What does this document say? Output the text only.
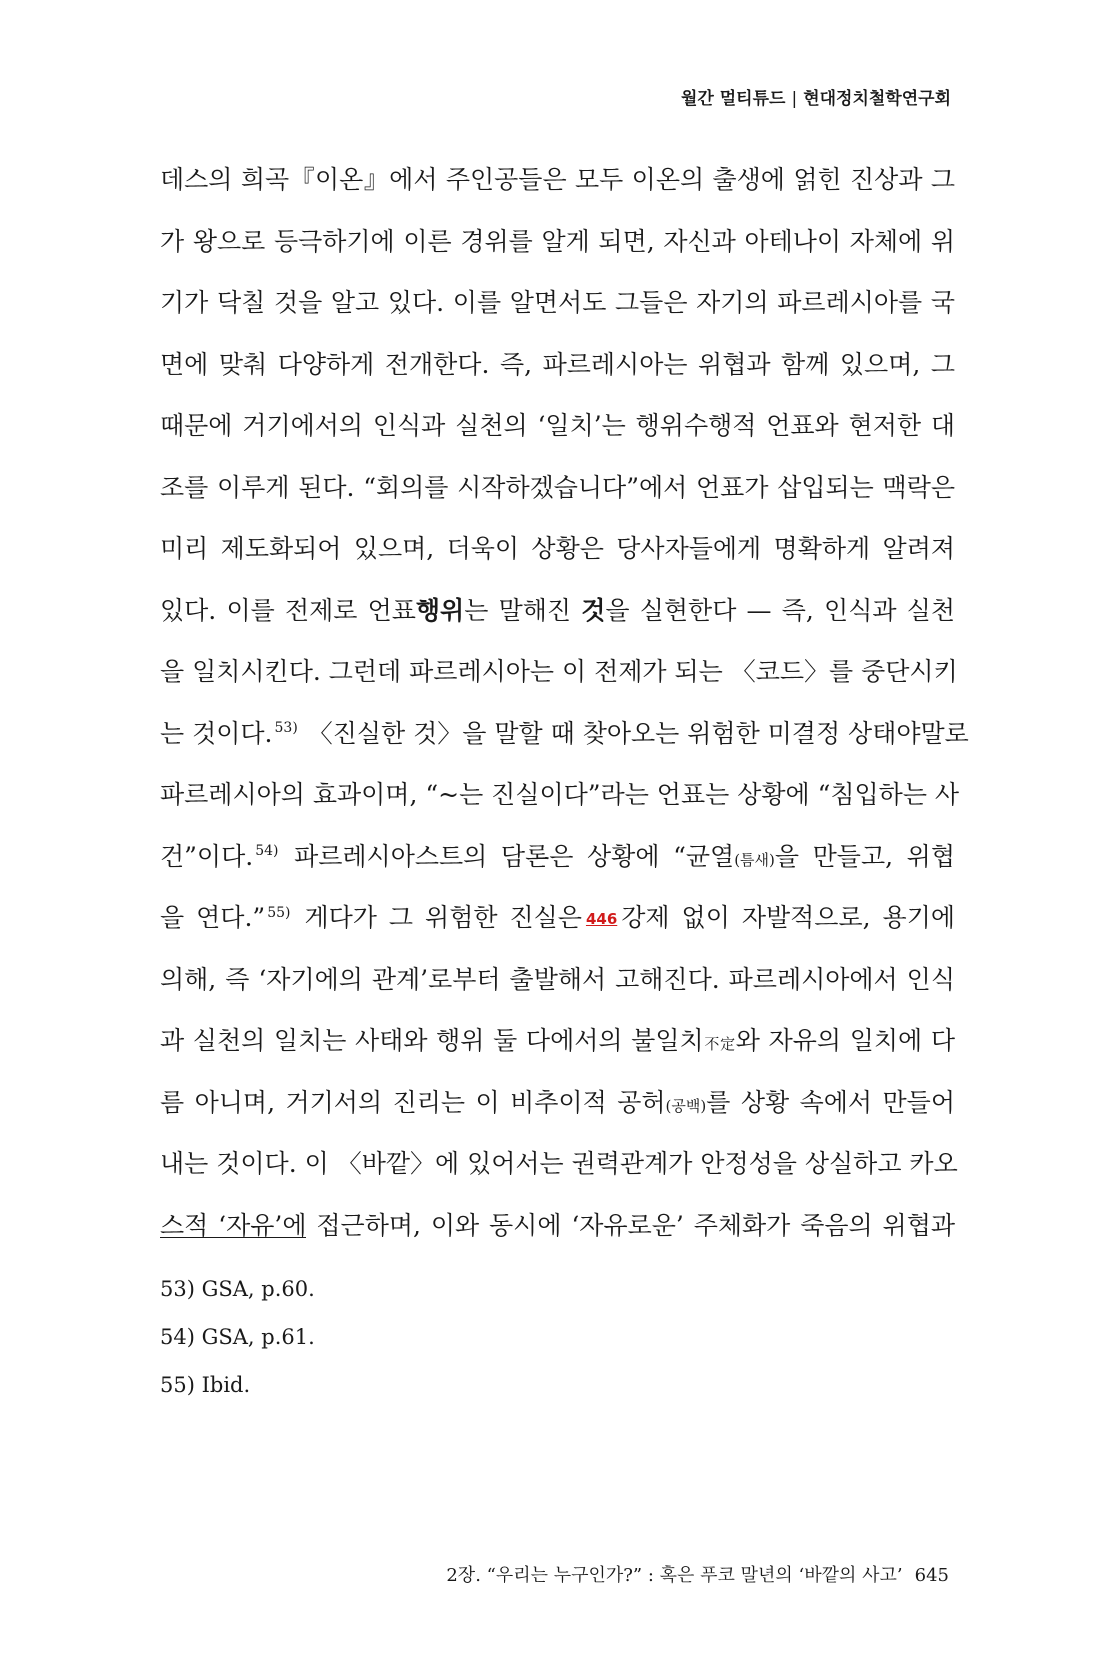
월간 멀티튜드 | 현대정치철학연구회
데스의 희곡『이온』에서 주인공들은 모두 이온의 출생에 얽힌 진상과 그
가 왕으로 등극하기에 이른 경위를 알게 되면, 자신과 아테나이 자체에 위
기가 닥칠 것을 알고 있다. 이를 알면서도 그들은 자기의 파르레시아를 국
면에 맞춰 다양하게 전개한다. 즉, 파르레시아는 위협과 함께 있으며, 그
때문에 거기에서의 인식과 실천의 ‘일치’는 행위수행적 언표와 현저한 대
조를 이루게 된다. “회의를 시작하겠습니다”에서 언표가 삽입되는 맥락은
미리 제도화되어 있으며, 더욱이 상황은 당사자들에게 명확하게 알려져
있다. 이를 전제로 언표행위는 말해진 것을 실현한다 — 즉, 인식과 실천
을 일치시킨다. 그런데 파르레시아는 이 전제가 되는 〈코드〉를 중단시키
는 것이다. $^{53)}$ 〈진실한 것〉을 말할 때 찾아오는 위험한 미결정 상태야말로
파르레시아의 효과이며, “~는 진실이다”라는 언표는 상황에 “침입하는 사
건”이다. $^{54)}$ 파르레시아스트의 담론은 상황에 “균열(틈새)을 만들고, 위협
을 연다.” $^{55)}$ 게다가 그 위험한 진실은 446 강제 없이 자발적으로, 용기에
의해, 즉 ‘자기에의 관계’로부터 출발해서 고해진다. 파르레시아에서 인식
과 실천의 일치는 사태와 행위 둘 다에서의 불일치不定와 자유의 일치에 다
름 아니며, 거기서의 진리는 이 비추이적 공허(공백)를 상황 속에서 만들어
내는 것이다. 이 〈바깥〉에 있어서는 권력관계가 안정성을 상실하고 카오
스적 ‘자유’에 접근하며, 이와 동시에 ‘자유로운’ 주체화가 죽음의 위협과
53) GSA, p.60.
54) GSA, p.61.
55) Ibid.
2장. “우리는 누구인가?” : 혹은 푸코 말년의 ‘바깥의 사고’ 645
